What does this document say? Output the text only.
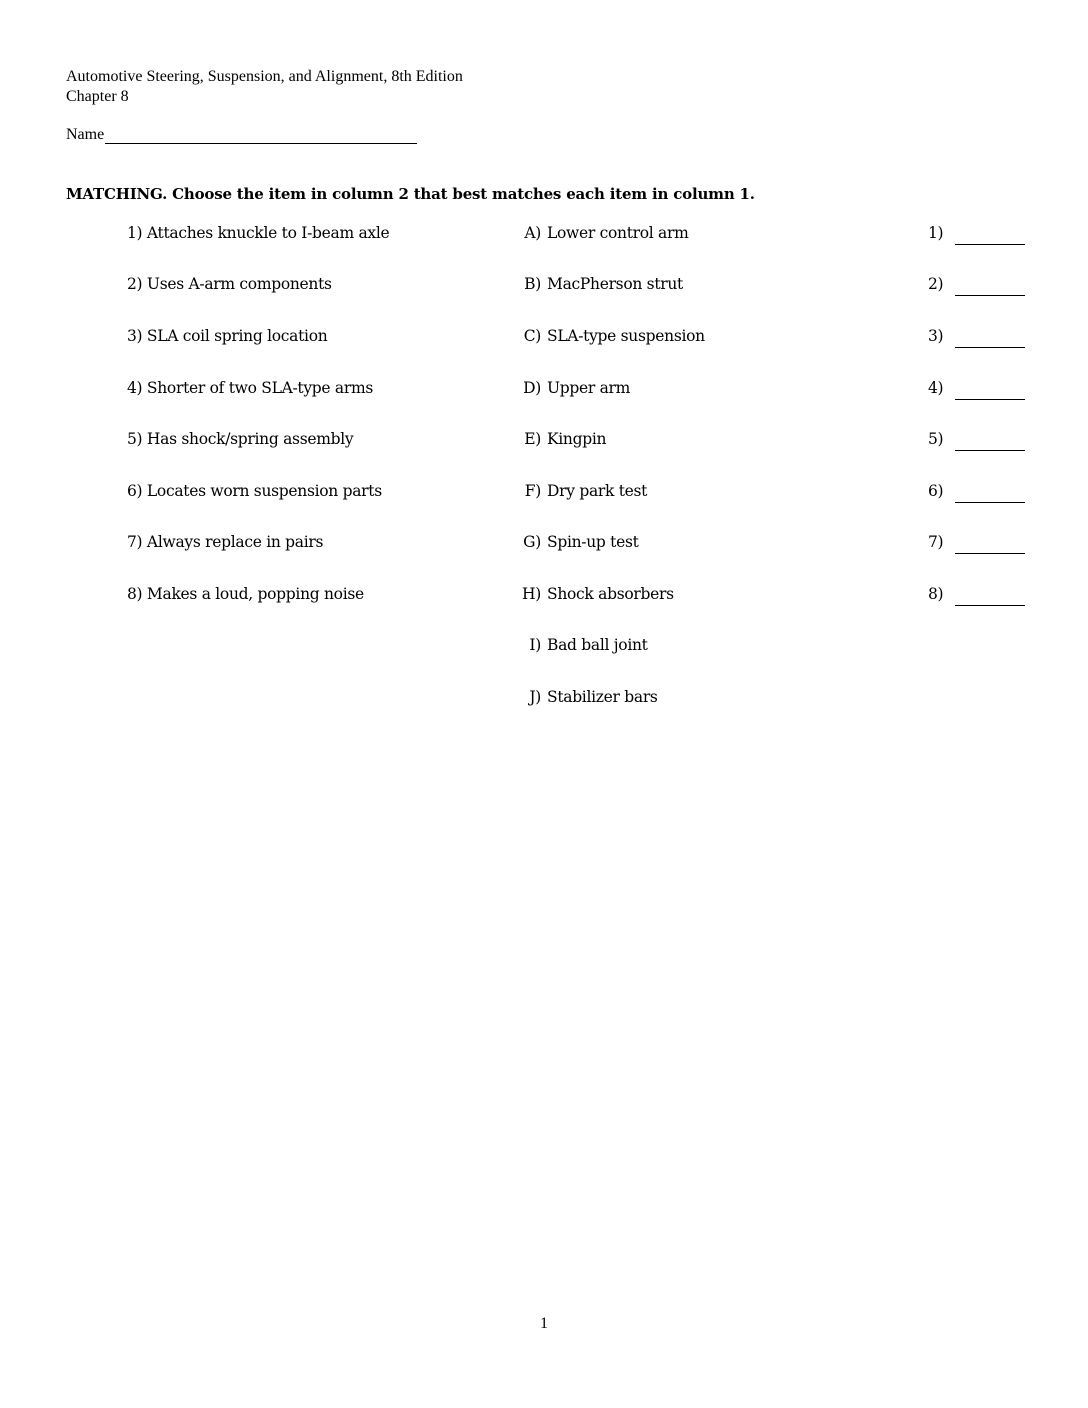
Automotive Steering, Suspension, and Alignment, 8th Edition
Chapter 8
Name
MATCHING. Choose the item in column 2 that best matches each item in column 1.
1) Attaches knuckle to I-beam axle	A) Lower control arm	1)
2) Uses A-arm components	B) MacPherson strut	2)
3) SLA coil spring location	C) SLA-type suspension	3)
4) Shorter of two SLA-type arms	D) Upper arm	4)
5) Has shock/spring assembly	E) Kingpin	5)
6) Locates worn suspension parts	F) Dry park test	6)
7) Always replace in pairs	G) Spin-up test	7)
8) Makes a loud, popping noise	H) Shock absorbers	8)
I) Bad ball joint
J) Stabilizer bars
1
